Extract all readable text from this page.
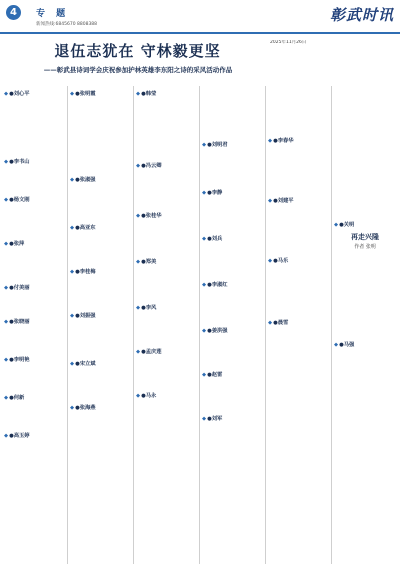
4	专 题
新闻热线:6845670 8808388
彰武时讯
退伍志犹在 守林毅更坚
——彰武县诗词学会庆祝参加护林英雄李东阳之诗的采风活动作品

2025年11月26日

◆ ●刘心平
◆ ●李书山
◆ ●杨文刚
◆ ●张萍
◆ ●付美丽
◆ ●张晓丽
◆ ●李明艳
◆ ●何新
◆ ●高玉婷
◆ ●张明霞
◆ ●张淑强
◆ ●高亚东
◆ ●李桂梅
◆ ●刘振强
◆ ●宋立斌
◆ ●张海燕
◆ ●韩莹
◆ ●冯云卿
◆ ●张桂华
◆ ●郑美
◆ ●李风
◆ ●孟庆莲
◆ ●马永
◆ ●刘明君
◆ ●李静
◆ ●刘兵
◆ ●李淑红
◆ ●姜洪强
◆ ●赵雷
◆ ●刘军
◆ ●李春华
◆ ●刘建平
◆ ●马乐
◆ ●晨雪
◆ ●关明
再走兴隆
作者 张明
◆ ●马强
